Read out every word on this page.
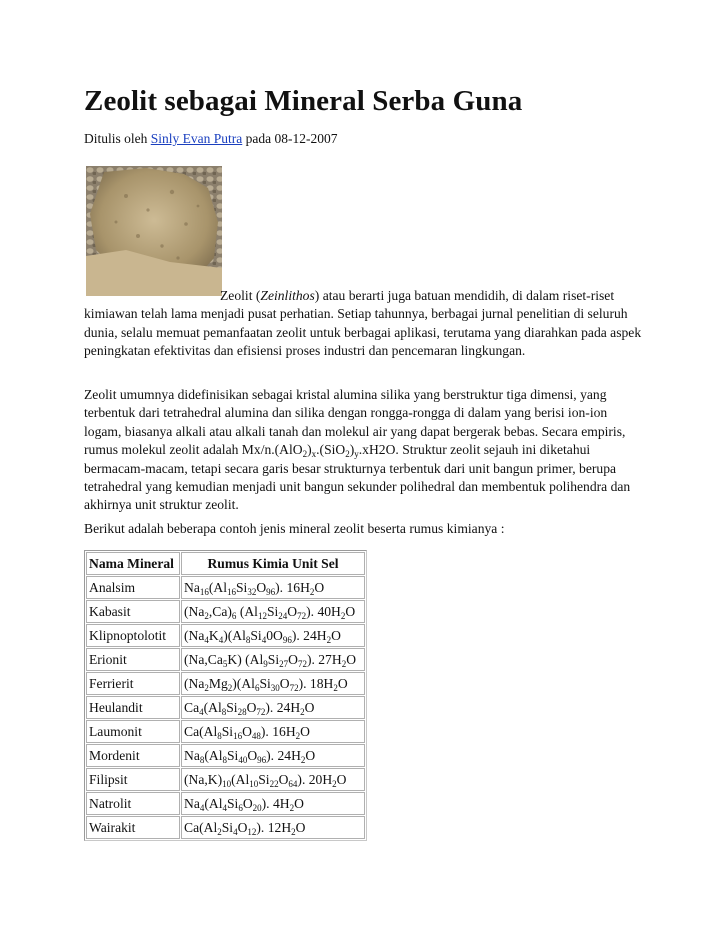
Zeolit sebagai Mineral Serba Guna
Ditulis oleh Sinly Evan Putra pada 08-12-2007
Zeolit (Zeinlithos) atau berarti juga batuan mendidih, di dalam riset-riset kimiawan telah lama menjadi pusat perhatian. Setiap tahunnya, berbagai jurnal penelitian di seluruh dunia, selalu memuat pemanfaatan zeolit untuk berbagai aplikasi, terutama yang diarahkan pada aspek peningkatan efektivitas dan efisiensi proses industri dan pencemaran lingkungan.

Zeolit umumnya didefinisikan sebagai kristal alumina silika yang berstruktur tiga dimensi, yang terbentuk dari tetrahedral alumina dan silika dengan rongga-rongga di dalam yang berisi ion-ion logam, biasanya alkali atau alkali tanah dan molekul air yang dapat bergerak bebas. Secara empiris, rumus molekul zeolit adalah $Mx/n.(AlO_2)_x.(SiO_2)_y.xH2O$. Struktur zeolit sejauh ini diketahui bermacam-macam, tetapi secara garis besar strukturnya terbentuk dari unit bangun primer, berupa tetrahedral yang kemudian menjadi unit bangun sekunder polihedral dan membentuk polihendra dan akhirnya unit struktur zeolit.

Berikut adalah beberapa contoh jenis mineral zeolit beserta rumus kimianya :

Nama Mineral	Rumus Kimia Unit Sel
Analsim	$Na_{16}(Al_{16}Si_{32}O_{96})$. $16H_2O$
Kabasit	$(Na_2,Ca)_6$ $(Al_{12}Si_{24}O_{72})$. $40H_2O$
Klipnoptolotit	$(Na_4K_4)(Al_8Si_40O_{96})$. $24H_2O$
Erionit	$(Na,Ca_5K)$ $(Al_9Si_{27}O_{72})$. $27H_2O$
Ferrierit	$(Na_2Mg_2)(Al_6Si_{30}O_{72})$. $18H_2O$
Heulandit	$Ca_4(Al_8Si_{28}O_{72})$. $24H_2O$
Laumonit	$Ca(Al_8Si_{16}O_{48})$. $16H_2O$
Mordenit	$Na_8(Al_8Si_{40}O_{96})$. $24H_2O$
Filipsit	$(Na,K)_{10}(Al_{10}Si_{22}O_{64})$. $20H_2O$
Natrolit	$Na_4(Al_4Si_6O_{20})$. $4H_2O$
Wairakit	$Ca(Al_2Si_4O_{12})$. $12H_2O$
